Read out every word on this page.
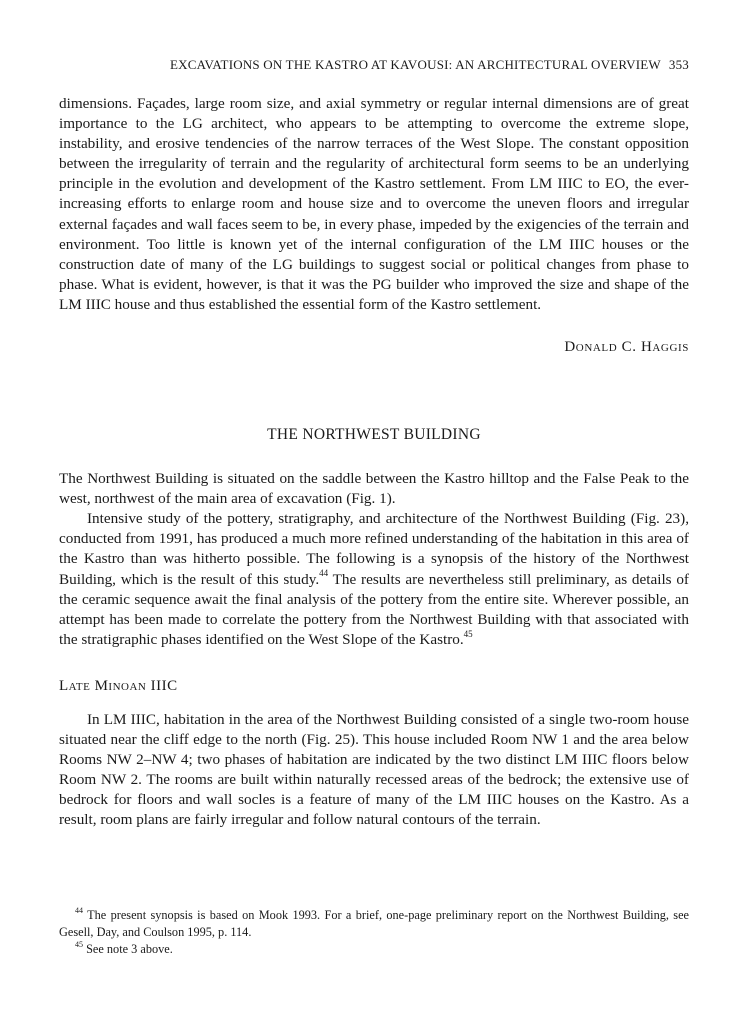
EXCAVATIONS ON THE KASTRO AT KAVOUSI: AN ARCHITECTURAL OVERVIEW 353

dimensions. Façades, large room size, and axial symmetry or regular internal dimensions are of great importance to the LG architect, who appears to be attempting to overcome the extreme slope, instability, and erosive tendencies of the narrow terraces of the West Slope. The constant opposition between the irregularity of terrain and the regularity of architectural form seems to be an underlying principle in the evolution and development of the Kastro settlement. From LM IIIC to EO, the ever-increasing efforts to enlarge room and house size and to overcome the uneven floors and irregular external façades and wall faces seem to be, in every phase, impeded by the exigencies of the terrain and environment. Too little is known yet of the internal configuration of the LM IIIC houses or the construction date of many of the LG buildings to suggest social or political changes from phase to phase. What is evident, however, is that it was the PG builder who improved the size and shape of the LM IIIC house and thus established the essential form of the Kastro settlement.

Donald C. Haggis
THE NORTHWEST BUILDING

The Northwest Building is situated on the saddle between the Kastro hilltop and the False Peak to the west, northwest of the main area of excavation (Fig. 1).

Intensive study of the pottery, stratigraphy, and architecture of the Northwest Building (Fig. 23), conducted from 1991, has produced a much more refined understanding of the habitation in this area of the Kastro than was hitherto possible. The following is a synopsis of the history of the Northwest Building, which is the result of this study.$^{44}$ The results are nevertheless still preliminary, as details of the ceramic sequence await the final analysis of the pottery from the entire site. Wherever possible, an attempt has been made to correlate the pottery from the Northwest Building with that associated with the stratigraphic phases identified on the West Slope of the Kastro.$^{45}$

Late Minoan IIIC

In LM IIIC, habitation in the area of the Northwest Building consisted of a single two-room house situated near the cliff edge to the north (Fig. 25). This house included Room NW 1 and the area below Rooms NW 2–NW 4; two phases of habitation are indicated by the two distinct LM IIIC floors below Room NW 2. The rooms are built within naturally recessed areas of the bedrock; the extensive use of bedrock for floors and wall socles is a feature of many of the LM IIIC houses on the Kastro. As a result, room plans are fairly irregular and follow natural contours of the terrain.

$^{44}$ The present synopsis is based on Mook 1993. For a brief, one-page preliminary report on the Northwest Building, see Gesell, Day, and Coulson 1995, p. 114.

$^{45}$ See note 3 above.
